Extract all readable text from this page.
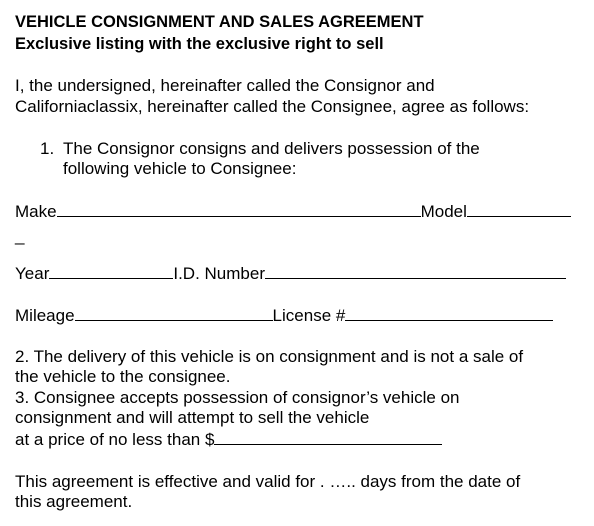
VEHICLE CONSIGNMENT AND SALES AGREEMENT
Exclusive listing with the exclusive right to sell
I, the undersigned, hereinafter called the Consignor and
Californiaclassix, hereinafter called the Consignee, agree as follows:
1. The Consignor consigns and delivers possession of the
following vehicle to Consignee:
Make	Model
_
Year	I.D. Number
Mileage	License #
2. The delivery of this vehicle is on consignment and is not a sale of
the vehicle to the consignee.
3. Consignee accepts possession of consignor’s vehicle on
consignment and will attempt to sell the vehicle
at a price of no less than $
This agreement is effective and valid for . ….. days from the date of
this agreement.
